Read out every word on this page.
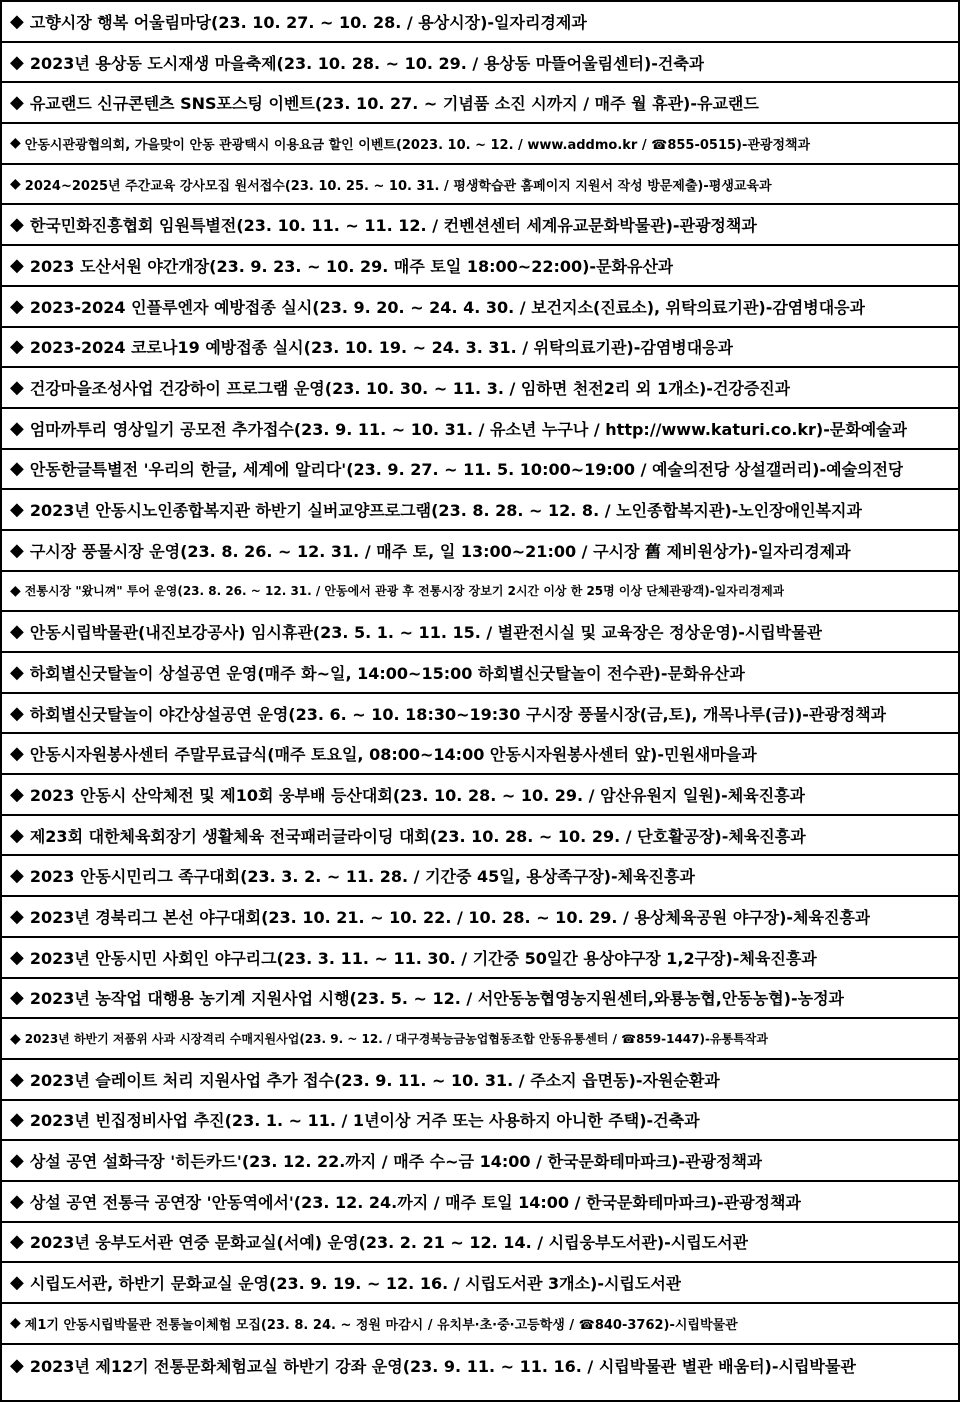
◆ 고향시장 행복 어울림마당(23. 10. 27. ~ 10. 28. / 용상시장)-일자리경제과
◆ 2023년 용상동 도시재생 마을축제(23. 10. 28. ~ 10. 29. / 용상동 마뜰어울림센터)-건축과
◆ 유교랜드 신규콘텐츠 SNS포스팅 이벤트(23. 10. 27. ~ 기념품 소진 시까지 / 매주 월 휴관)-유교랜드
◆ 안동시관광협의회, 가을맞이 안동 관광택시 이용요금 할인 이벤트(2023. 10. ~ 12. / www.addmo.kr / ☎855-0515)-관광정책과
◆ 2024~2025년 주간교육 강사모집 원서접수(23. 10. 25. ~ 10. 31. / 평생학습관 홈페이지 지원서 작성 방문제출)-평생교육과
◆ 한국민화진흥협회 임원특별전(23. 10. 11. ~ 11. 12. / 컨벤션센터 세계유교문화박물관)-관광정책과
◆ 2023 도산서원 야간개장(23. 9. 23. ~ 10. 29. 매주 토일 18:00~22:00)-문화유산과
◆ 2023-2024 인플루엔자 예방접종 실시(23. 9. 20. ~ 24. 4. 30. / 보건지소(진료소), 위탁의료기관)-감염병대응과
◆ 2023-2024 코로나19 예방접종 실시(23. 10. 19. ~ 24. 3. 31. / 위탁의료기관)-감염병대응과
◆ 건강마을조성사업 건강하이 프로그램 운영(23. 10. 30. ~ 11. 3. / 임하면 천전2리 외 1개소)-건강증진과
◆ 엄마까투리 영상일기 공모전 추가접수(23. 9. 11. ~ 10. 31. / 유소년 누구나 / http://www.katuri.co.kr)-문화예술과
◆ 안동한글특별전 '우리의 한글, 세계에 알리다'(23. 9. 27. ~ 11. 5. 10:00~19:00 / 예술의전당 상설갤러리)-예술의전당
◆ 2023년 안동시노인종합복지관 하반기 실버교양프로그램(23. 8. 28. ~ 12. 8. / 노인종합복지관)-노인장애인복지과
◆ 구시장 풍물시장 운영(23. 8. 26. ~ 12. 31. / 매주 토, 일 13:00~21:00 / 구시장 舊 제비원상가)-일자리경제과
◆ 전통시장 "왔니껴" 투어 운영(23. 8. 26. ~ 12. 31. / 안동에서 관광 후 전통시장 장보기 2시간 이상 한 25명 이상 단체관광객)-일자리경제과
◆ 안동시립박물관(내진보강공사) 임시휴관(23. 5. 1. ~ 11. 15. / 별관전시실 및 교육장은 정상운영)-시립박물관
◆ 하회별신굿탈놀이 상설공연 운영(매주 화~일, 14:00~15:00 하회별신굿탈놀이 전수관)-문화유산과
◆ 하회별신굿탈놀이 야간상설공연 운영(23. 6. ~ 10. 18:30~19:30 구시장 풍물시장(금,토), 개목나루(금))-관광정책과
◆ 안동시자원봉사센터 주말무료급식(매주 토요일, 08:00~14:00 안동시자원봉사센터 앞)-민원새마을과
◆ 2023 안동시 산악체전 및 제10회 웅부배 등산대회(23. 10. 28. ~ 10. 29. / 암산유원지 일원)-체육진흥과
◆ 제23회 대한체육회장기 생활체육 전국패러글라이딩 대회(23. 10. 28. ~ 10. 29. / 단호활공장)-체육진흥과
◆ 2023 안동시민리그 족구대회(23. 3. 2. ~ 11. 28. / 기간중 45일, 용상족구장)-체육진흥과
◆ 2023년 경북리그 본선 야구대회(23. 10. 21. ~ 10. 22. / 10. 28. ~ 10. 29. / 용상체육공원 야구장)-체육진흥과
◆ 2023년 안동시민 사회인 야구리그(23. 3. 11. ~ 11. 30. / 기간중 50일간 용상야구장 1,2구장)-체육진흥과
◆ 2023년 농작업 대행용 농기계 지원사업 시행(23. 5. ~ 12. / 서안동농협영농지원센터,와룡농협,안동농협)-농정과
◆ 2023년 하반기 저품위 사과 시장격리 수매지원사업(23. 9. ~ 12. / 대구경북능금농업협동조합 안동유통센터 / ☎859-1447)-유통특작과
◆ 2023년 슬레이트 처리 지원사업 추가 접수(23. 9. 11. ~ 10. 31. / 주소지 읍면동)-자원순환과
◆ 2023년 빈집정비사업 추진(23. 1. ~ 11. / 1년이상 거주 또는 사용하지 아니한 주택)-건축과
◆ 상설 공연 설화극장 '히든카드'(23. 12. 22.까지 / 매주 수~금 14:00 / 한국문화테마파크)-관광정책과
◆ 상설 공연 전통극 공연장 '안동역에서'(23. 12. 24.까지 / 매주 토일 14:00 / 한국문화테마파크)-관광정책과
◆ 2023년 웅부도서관 연중 문화교실(서예) 운영(23. 2. 21 ~ 12. 14. / 시립웅부도서관)-시립도서관
◆ 시립도서관, 하반기 문화교실 운영(23. 9. 19. ~ 12. 16. / 시립도서관 3개소)-시립도서관
◆ 제1기 안동시립박물관 전통놀이체험 모집(23. 8. 24. ~ 정원 마감시 / 유치부·초·중·고등학생 / ☎840-3762)-시립박물관
◆ 2023년 제12기 전통문화체험교실 하반기 강좌 운영(23. 9. 11. ~ 11. 16. / 시립박물관 별관 배움터)-시립박물관
